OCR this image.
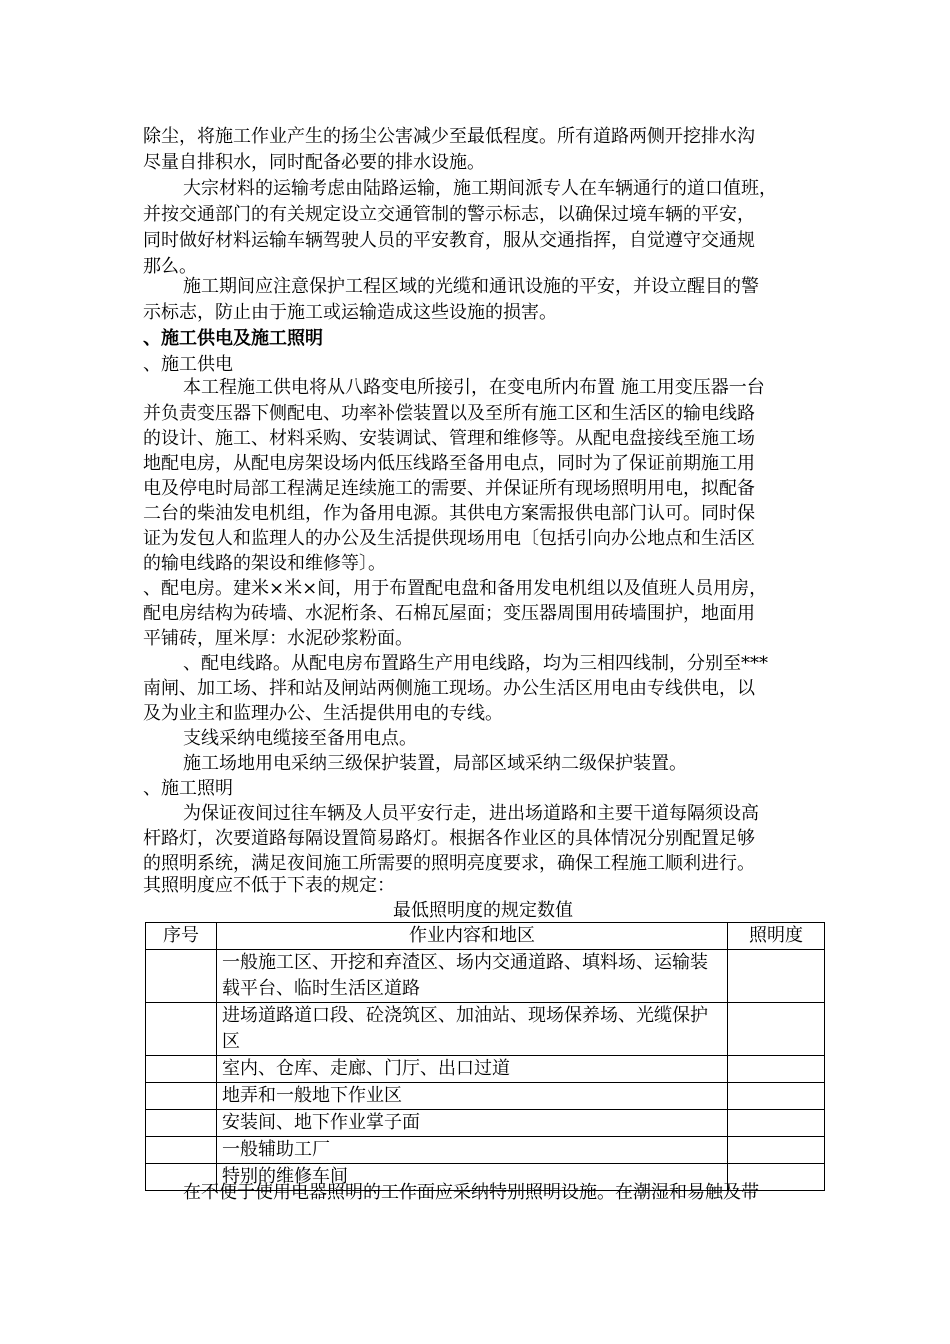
除尘，将施工作业产生的扬尘公害减少至最低程度。所有道路两侧开挖排水沟

尽量自排积水，同时配备必要的排水设施。

大宗材料的运输考虑由陆路运输，施工期间派专人在车辆通行的道口值班，

并按交通部门的有关规定设立交通管制的警示标志，以确保过境车辆的平安，

同时做好材料运输车辆驾驶人员的平安教育，服从交通指挥，自觉遵守交通规

那么。

施工期间应注意保护工程区域的光缆和通讯设施的平安，并设立醒目的警

示标志，防止由于施工或运输造成这些设施的损害。

、施工供电及施工照明

、施工供电

本工程施工供电将从八路变电所接引，在变电所内布置 施工用变压器一台

并负责变压器下侧配电、功率补偿装置以及至所有施工区和生活区的输电线路

的设计、施工、材料采购、安装调试、管理和维修等。从配电盘接线至施工场

地配电房，从配电房架设场内低压线路至备用电点，同时为了保证前期施工用

电及停电时局部工程满足连续施工的需要、并保证所有现场照明用电，拟配备

二台的柴油发电机组，作为备用电源。其供电方案需报供电部门认可。同时保

证为发包人和监理人的办公及生活提供现场用电〔包括引向办公地点和生活区

的输电线路的架设和维修等〕。

、配电房。建米×米×间，用于布置配电盘和备用发电机组以及值班人员用房，

配电房结构为砖墙、水泥桁条、石棉瓦屋面；变压器周围用砖墙围护，地面用

平铺砖，厘米厚：水泥砂浆粉面。

、配电线路。从配电房布置路生产用电线路，均为三相四线制，分别至***

南闸、加工场、拌和站及闸站两侧施工现场。办公生活区用电由专线供电，以

及为业主和监理办公、生活提供用电的专线。

支线采纳电缆接至备用电点。

施工场地用电采纳三级保护装置，局部区域采纳二级保护装置。

、施工照明

为保证夜间过往车辆及人员平安行走，进出场道路和主要干道每隔须设高

杆路灯，次要道路每隔设置简易路灯。根据各作业区的具体情况分别配置足够

的照明系统，满足夜间施工所需要的照明亮度要求，确保工程施工顺利进行。

其照明度应不低于下表的规定：

最低照明度的规定数值
序号	作业内容和地区	照明度
	一般施工区、开挖和弃渣区、场内交通道路、填料场、运输装载平台、临时生活区道路	
	进场道路道口段、砼浇筑区、加油站、现场保养场、光缆保护区	
	室内、仓库、走廊、门厅、出口过道	
	地弄和一般地下作业区	
	安装间、地下作业掌子面	
	一般辅助工厂	
	特别的维修车间	

在不便于使用电器照明的工作面应采纳特别照明设施。在潮湿和易触及带
